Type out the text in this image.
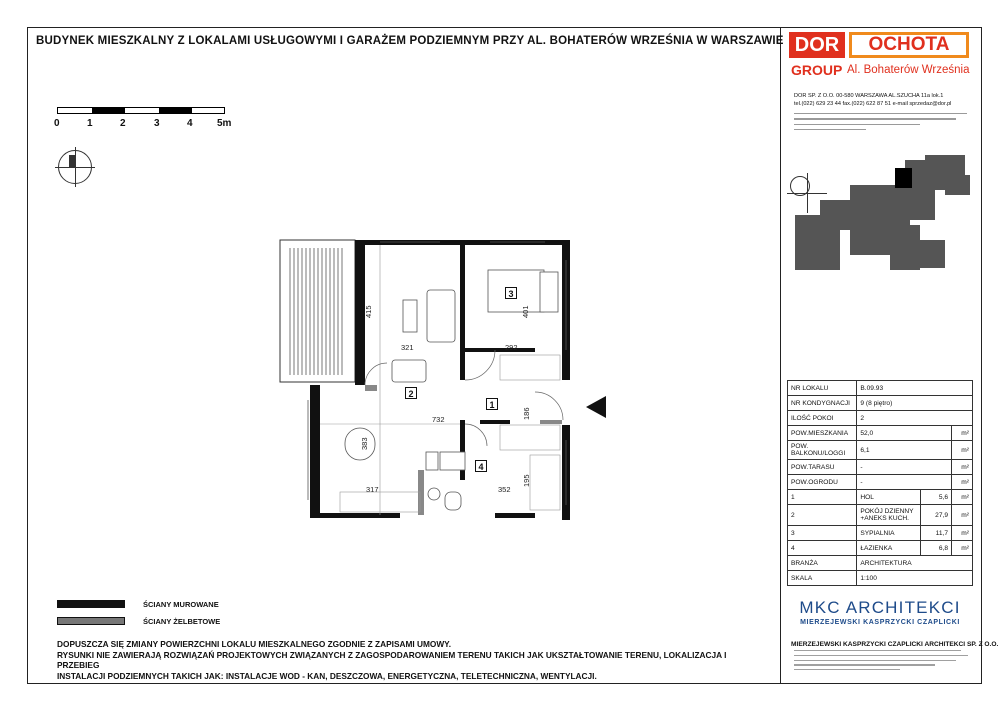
BUDYNEK MIESZKALNY Z LOKALAMI USŁUGOWYMI I GARAŻEM PODZIEMNYM PRZY AL. BOHATERÓW WRZEŚNIA W WARSZAWIE DOR	OCHOTA
GROUP Al. Bohaterów Września
DOR SP. Z O.O. 00-580 WARSZAWA AL.SZUCHA 11a lok.1
tel.(022) 629 23 44 fax.(022) 622 87 51 e-mail sprzedaz@dor.pl
0	1	2	3	4 5m
2
1
3
4
415
321	292
401
732	186
383
317	352
195
ŚCIANY MUROWANE
ŚCIANY ŻELBETOWE
DOPUSZCZA SIĘ ZMIANY POWIERZCHNI LOKALU MIESZKALNEGO ZGODNIE Z ZAPISAMI UMOWY.
RYSUNKI NIE ZAWIERAJĄ ROZWIĄZAŃ PROJEKTOWYCH ZWIĄZANYCH Z ZAGOSPODAROWANIEM TERENU TAKICH JAK UKSZTAŁTOWANIE TERENU, LOKALIZACJA I PRZEBIEG
INSTALACJI PODZIEMNYCH TAKICH JAK: INSTALACJE WOD - KAN, DESZCZOWA, ENERGETYCZNA, TELETECHNICZNA, WENTYLACJI.
NR LOKALU	B.09.93		
NR KONDYGNACJI	9 (8 piętro)		
ILOŚĆ POKOI	2		
POW.MIESZKANIA	52,0		m²
POW. BALKONU/LOGGI	6,1		m²
POW.TARASU	-		m²
POW.OGRODU	-		m²
1	HOL	5,6	m²
2	POKÓJ DZIENNY +ANEKS KUCH.	27,9	m²
3	SYPIALNIA	11,7	m²
4	ŁAZIENKA	6,8	m²
BRANŻA	ARCHITEKTURA		
SKALA	1:100		
MKC ARCHITEKCI
MIERZEJEWSKI KASPRZYCKI CZAPLICKI
MIERZEJEWSKI KASPRZYCKI CZAPLICKI ARCHITEKCI SP. Z O.O.
